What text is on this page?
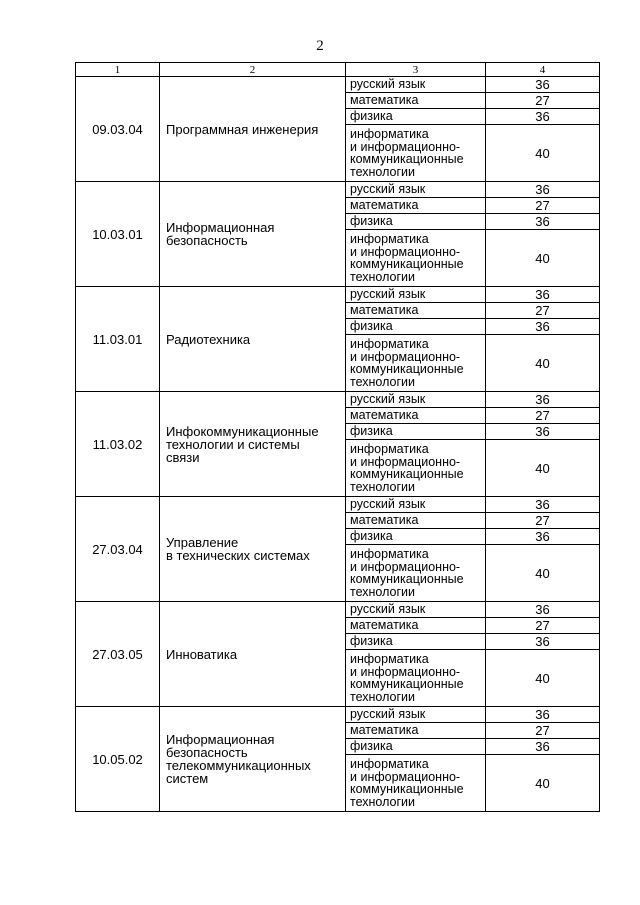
2
1	2	3	4
09.03.04	Программная инженерия	русский язык	36
		математика	27
		физика	36
		информатика
и информационно-
коммуникационные
технологии	40
10.03.01	Информационная
безопасность	русский язык	36
		математика	27
		физика	36
		информатика
и информационно-
коммуникационные
технологии	40
11.03.01	Радиотехника	русский язык	36
		математика	27
		физика	36
		информатика
и информационно-
коммуникационные
технологии	40
11.03.02	Инфокоммуникационные
технологии и системы
связи	русский язык	36
		математика	27
		физика	36
		информатика
и информационно-
коммуникационные
технологии	40
27.03.04	Управление
в технических системах	русский язык	36
		математика	27
		физика	36
		информатика
и информационно-
коммуникационные
технологии	40
27.03.05	Инноватика	русский язык	36
		математика	27
		физика	36
		информатика
и информационно-
коммуникационные
технологии	40
10.05.02	Информационная
безопасность
телекоммуникационных
систем	русский язык	36
		математика	27
		физика	36
		информатика
и информационно-
коммуникационные
технологии	40
